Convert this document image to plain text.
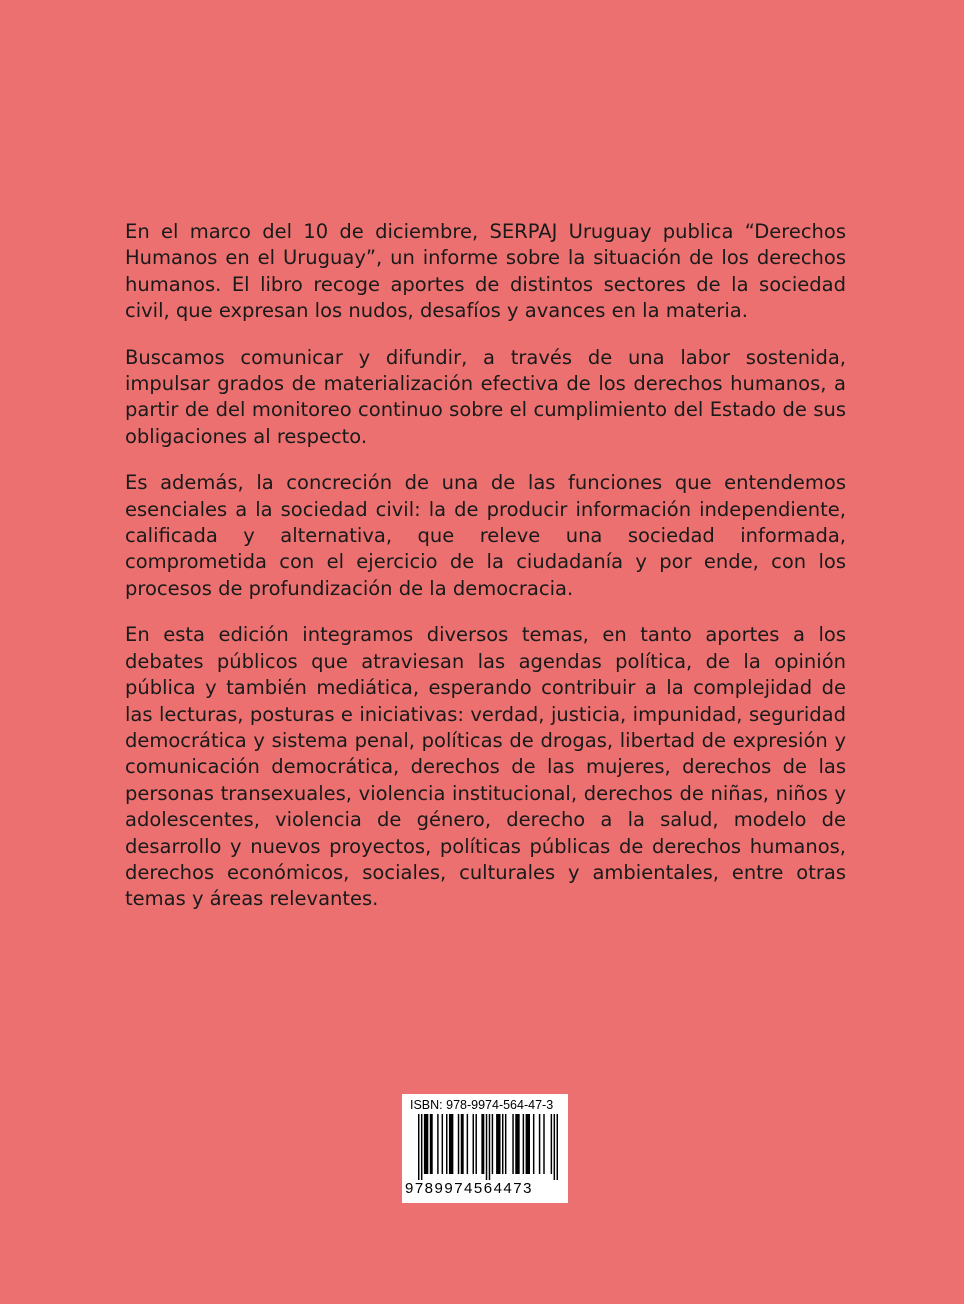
En el marco del 10 de diciembre, SERPAJ Uruguay publica “Derechos Humanos en el Uruguay”, un informe sobre la situación de los derechos humanos. El libro recoge aportes de distintos sectores de la sociedad civil, que expresan los nudos, desafíos y avances en la materia.

Buscamos comunicar y difundir, a través de una labor sostenida, impulsar grados de materialización efectiva de los derechos humanos, a partir de del monitoreo continuo sobre el cumplimiento del Estado de sus obligaciones al respecto.

Es además, la concreción de una de las funciones que entendemos esenciales a la sociedad civil: la de producir información independiente, calificada y alternativa, que releve una sociedad informada, comprometida con el ejercicio de la ciudadanía y por ende, con los procesos de profundización de la democracia.

En esta edición integramos diversos temas, en tanto aportes a los debates públicos que atraviesan las agendas política, de la opinión pública y también mediática, esperando contribuir a la complejidad de las lecturas, posturas e iniciativas: verdad, justicia, impunidad, seguridad democrática y sistema penal, políticas de drogas, libertad de expresión y comunicación democrática, derechos de las mujeres, derechos de las personas transexuales, violencia institucional, derechos de niñas, niños y adolescentes, violencia de género, derecho a la salud, modelo de desarrollo y nuevos proyectos, políticas públicas de derechos humanos, derechos económicos, sociales, culturales y ambientales, entre otras temas y áreas relevantes.

ISBN: 978-9974-564-47-3
9789974564473
